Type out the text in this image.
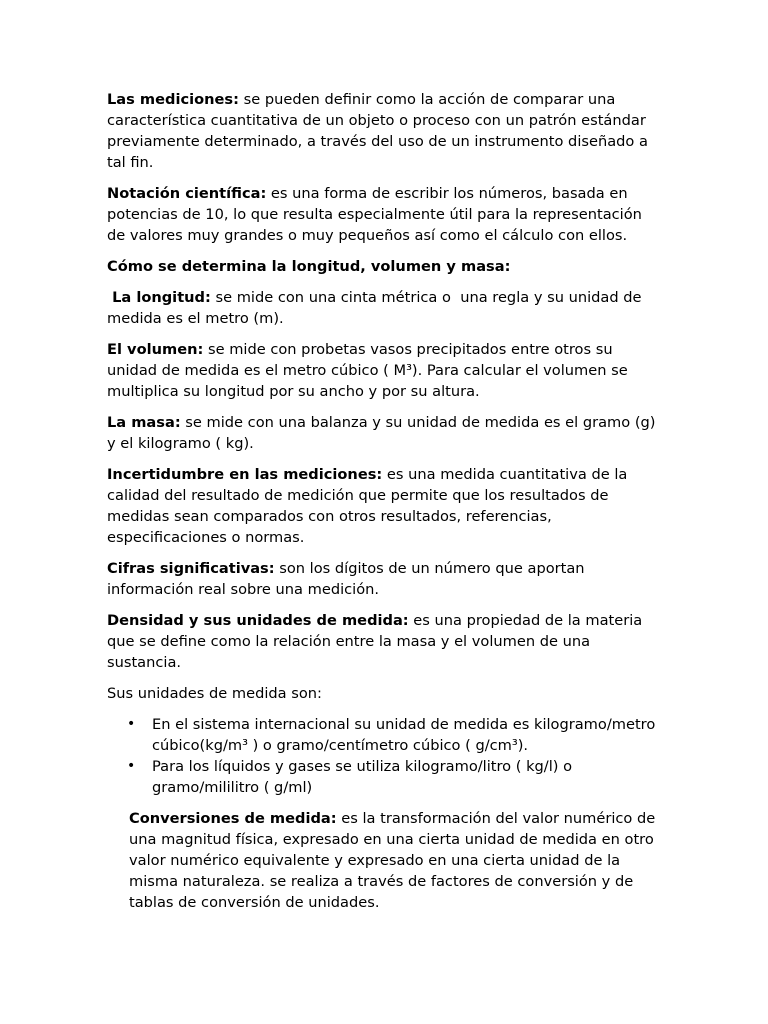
Las mediciones: se pueden definir como la acción de comparar una característica cuantitativa de un objeto o proceso con un patrón estándar previamente determinado, a través del uso de un instrumento diseñado a tal fin.

Notación científica: es una forma de escribir los números, basada en potencias de 10, lo que resulta especialmente útil para la representación de valores muy grandes o muy pequeños así como el cálculo con ellos.

Cómo se determina la longitud, volumen y masa:

La longitud: se mide con una cinta métrica o  una regla y su unidad de medida es el metro (m).

El volumen: se mide con probetas vasos precipitados entre otros su unidad de medida es el metro cúbico ( M³). Para calcular el volumen se multiplica su longitud por su ancho y por su altura.

La masa: se mide con una balanza y su unidad de medida es el gramo (g) y el kilogramo ( kg).

Incertidumbre en las mediciones: es una medida cuantitativa de la calidad del resultado de medición que permite que los resultados de medidas sean comparados con otros resultados, referencias, especificaciones o normas.

Cifras significativas: son los dígitos de un número que aportan información real sobre una medición.

Densidad y sus unidades de medida: es una propiedad de la materia que se define como la relación entre la masa y el volumen de una sustancia.

Sus unidades de medida son:

• En el sistema internacional su unidad de medida es kilogramo/metro cúbico(kg/m³ ) o gramo/centímetro cúbico ( g/cm³).
• Para los líquidos y gases se utiliza kilogramo/litro ( kg/l) o gramo/mililitro ( g/ml)

Conversiones de medida: es la transformación del valor numérico de una magnitud física, expresado en una cierta unidad de medida en otro valor numérico equivalente y expresado en una cierta unidad de la misma naturaleza. se realiza a través de factores de conversión y de tablas de conversión de unidades.
